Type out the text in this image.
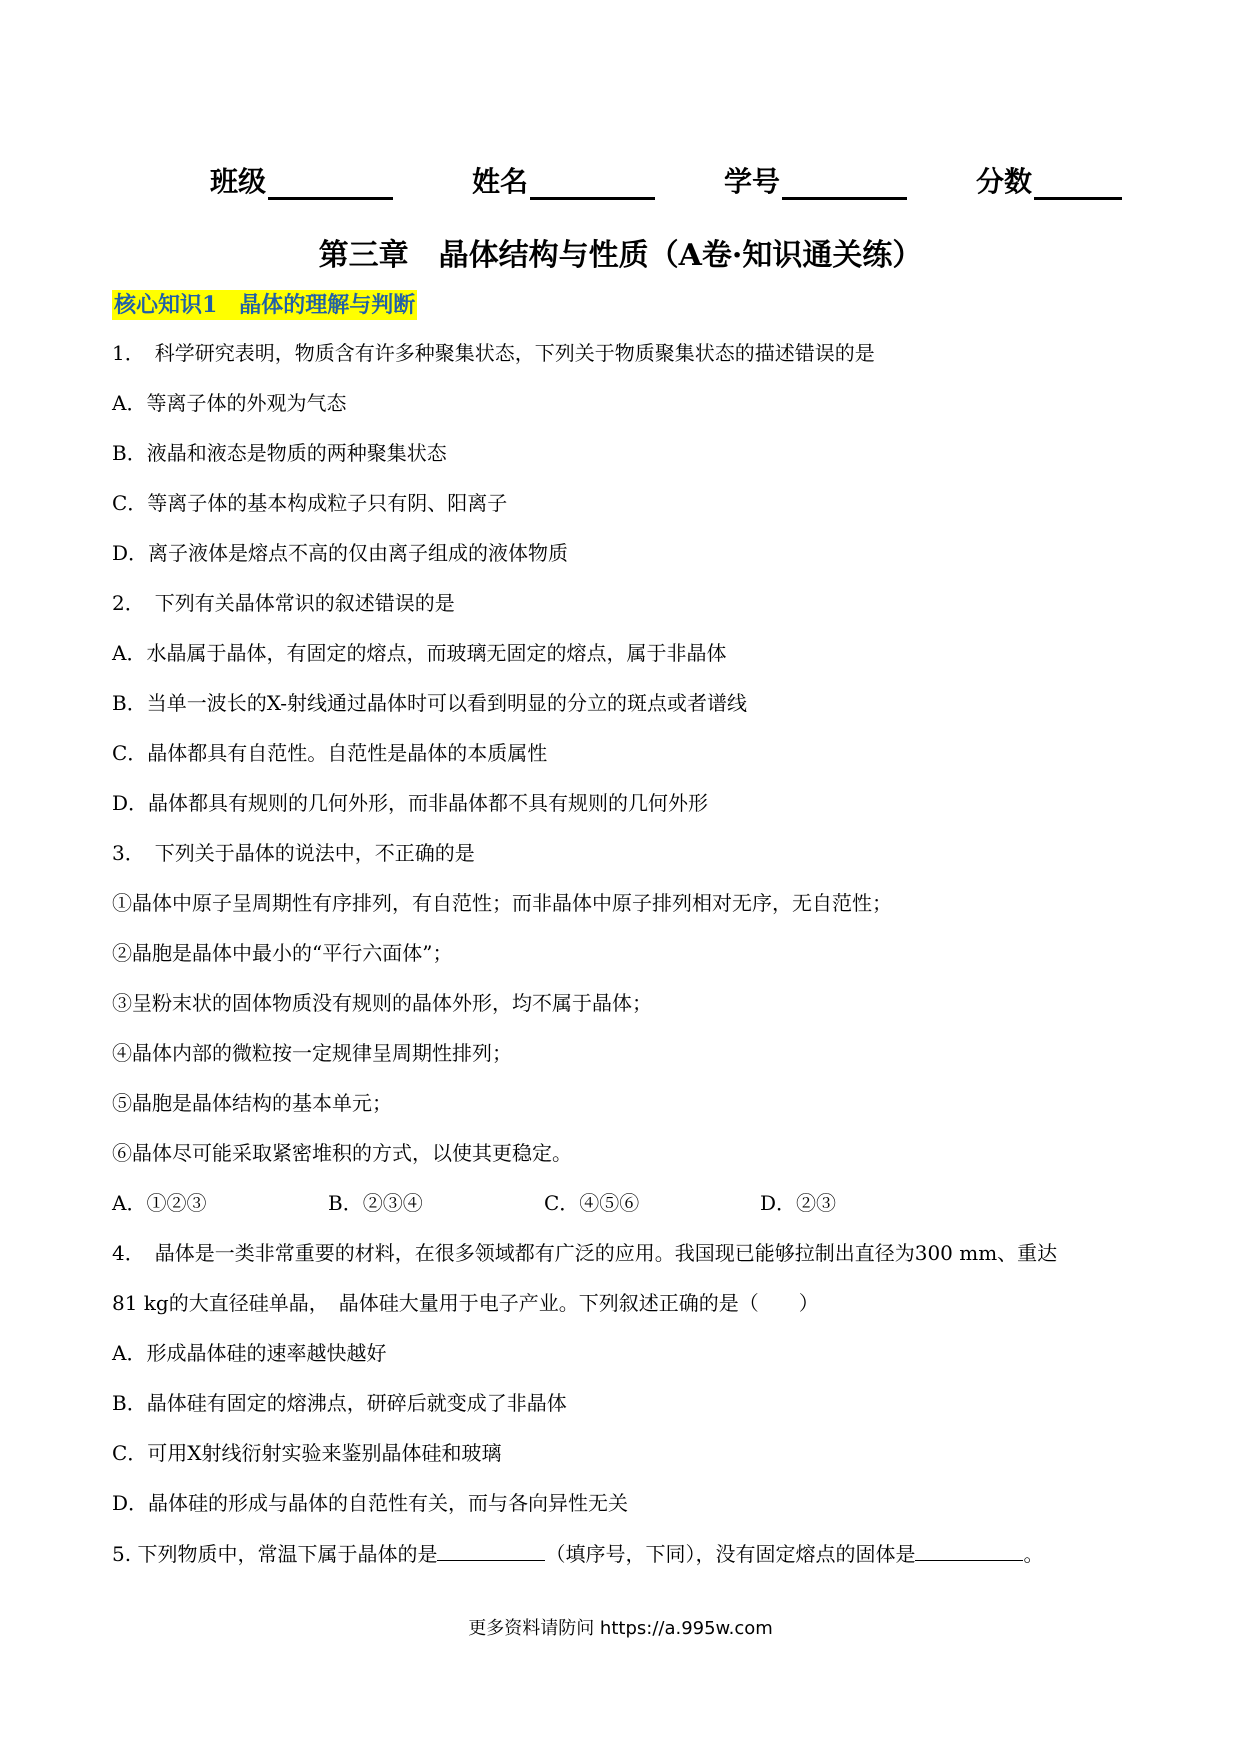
班级	姓名	学号	分数
第三章　晶体结构与性质（A卷·知识通关练）
核心知识1　晶体的理解与判断
1．　科学研究表明，物质含有许多种聚集状态，下列关于物质聚集状态的描述错误的是
A．等离子体的外观为气态
B．液晶和液态是物质的两种聚集状态
C．等离子体的基本构成粒子只有阴、阳离子
D．离子液体是熔点不高的仅由离子组成的液体物质
2．　下列有关晶体常识的叙述错误的是
A．水晶属于晶体，有固定的熔点，而玻璃无固定的熔点，属于非晶体
B．当单一波长的X-射线通过晶体时可以看到明显的分立的斑点或者谱线
C．晶体都具有自范性。自范性是晶体的本质属性
D．晶体都具有规则的几何外形，而非晶体都不具有规则的几何外形
3．　下列关于晶体的说法中，不正确的是
①晶体中原子呈周期性有序排列，有自范性；而非晶体中原子排列相对无序，无自范性；
②晶胞是晶体中最小的“平行六面体”；
③呈粉末状的固体物质没有规则的晶体外形，均不属于晶体；
④晶体内部的微粒按一定规律呈周期性排列；
⑤晶胞是晶体结构的基本单元；
⑥晶体尽可能采取紧密堆积的方式，以使其更稳定。
A．①②③	B．②③④	C．④⑤⑥	D．②③
4．　晶体是一类非常重要的材料，在很多领域都有广泛的应用。我国现已能够拉制出直径为300 mm、重达
81 kg的大直径硅单晶，　晶体硅大量用于电子产业。下列叙述正确的是（　　）
A．形成晶体硅的速率越快越好
B．晶体硅有固定的熔沸点，研碎后就变成了非晶体
C．可用X射线衍射实验来鉴别晶体硅和玻璃
D．晶体硅的形成与晶体的自范性有关，而与各向异性无关
5. 下列物质中，常温下属于晶体的是	（填序号，下同），没有固定熔点的固体是	。
更多资料请防问 https://a.995w.com
